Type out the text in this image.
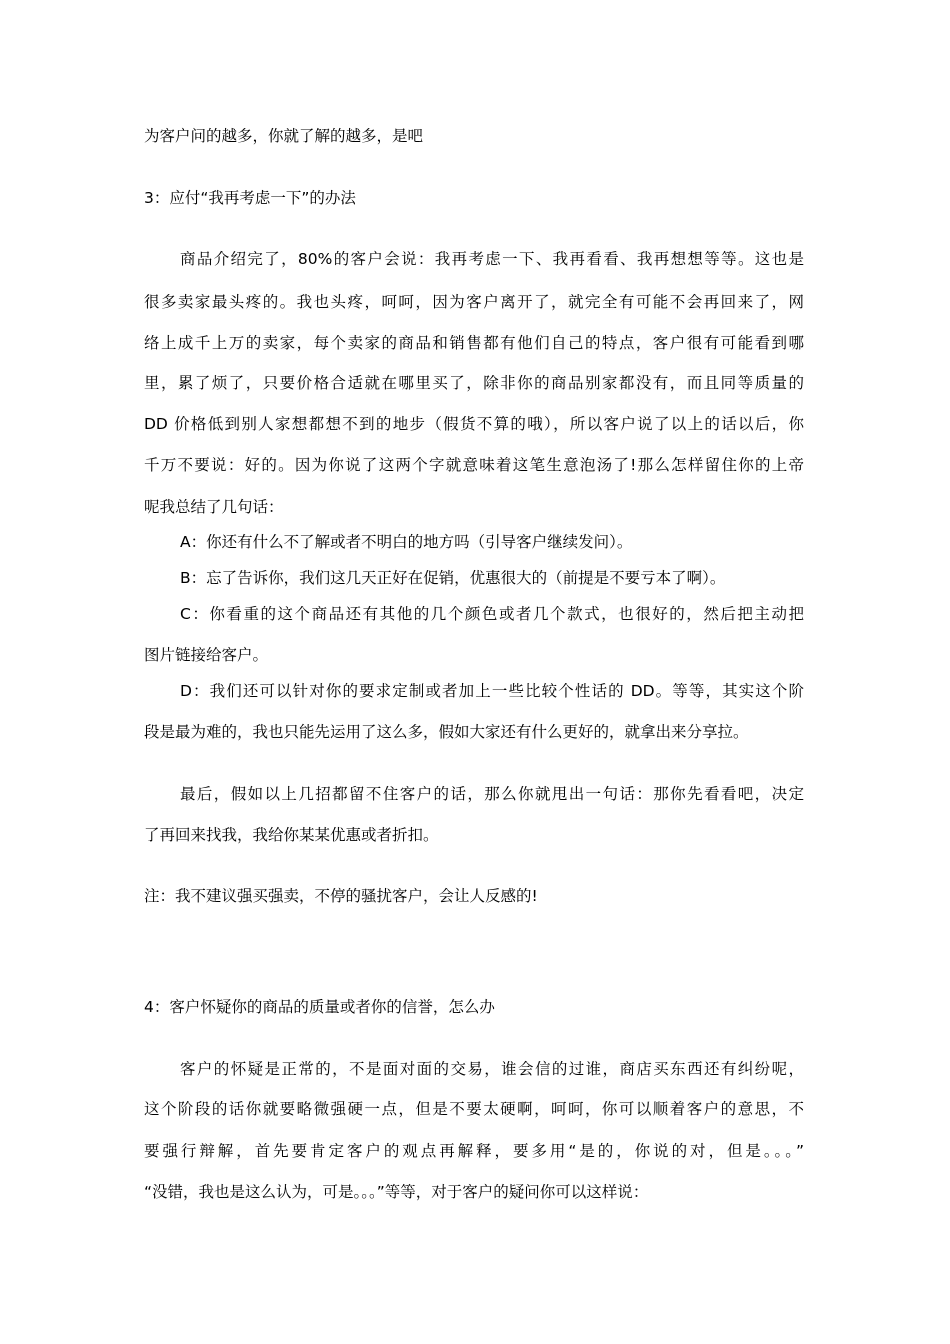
为客户问的越多，你就了解的越多，是吧
3：应付“我再考虑一下”的办法
商品介绍完了，80%的客户会说：我再考虑一下、我再看看、我再想想等等。这也是
很多卖家最头疼的。我也头疼，呵呵，因为客户离开了，就完全有可能不会再回来了，网
络上成千上万的卖家，每个卖家的商品和销售都有他们自己的特点，客户很有可能看到哪
里，累了烦了，只要价格合适就在哪里买了，除非你的商品别家都没有，而且同等质量的
DD 价格低到别人家想都想不到的地步（假货不算的哦），所以客户说了以上的话以后，你
千万不要说：好的。因为你说了这两个字就意味着这笔生意泡汤了!那么怎样留住你的上帝
呢我总结了几句话：
A：你还有什么不了解或者不明白的地方吗（引导客户继续发问）。
B：忘了告诉你，我们这几天正好在促销，优惠很大的（前提是不要亏本了啊）。
C：你看重的这个商品还有其他的几个颜色或者几个款式，也很好的，然后把主动把
图片链接给客户。
D：我们还可以针对你的要求定制或者加上一些比较个性话的 DD。等等，其实这个阶
段是最为难的，我也只能先运用了这么多，假如大家还有什么更好的，就拿出来分享拉。
最后，假如以上几招都留不住客户的话，那么你就甩出一句话：那你先看看吧，决定
了再回来找我，我给你某某优惠或者折扣。
注：我不建议强买强卖，不停的骚扰客户，会让人反感的!
4：客户怀疑你的商品的质量或者你的信誉，怎么办
客户的怀疑是正常的，不是面对面的交易，谁会信的过谁，商店买东西还有纠纷呢，
这个阶段的话你就要略微强硬一点，但是不要太硬啊，呵呵，你可以顺着客户的意思，不
要强行辩解，首先要肯定客户的观点再解释，要多用“是的，你说的对，但是。。。”
“没错，我也是这么认为，可是。。。”等等，对于客户的疑问你可以这样说：
